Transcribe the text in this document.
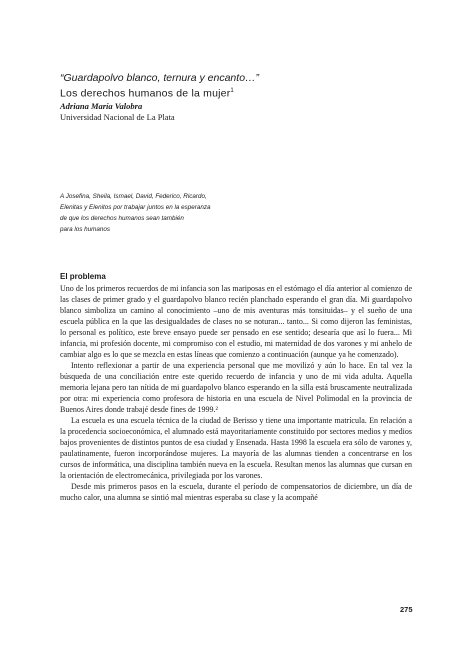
“Guardapolvo blanco, ternura y encanto…”
Los derechos humanos de la mujer$^1$
Adriana María Valobra
Universidad Nacional de La Plata
A Josefina, Sheila, Ismael, David, Federico, Ricardo,
Elenitas y Elenitos por trabajar juntos en la esperanza
de que los derechos humanos sean también
para los humanos
El problema

Uno de los primeros recuerdos de mi infancia son las mariposas en el estómago el día anterior al comienzo de las clases de primer grado y el guardapolvo blanco recién planchado esperando el gran día. Mi guardapolvo blanco simboliza un camino al conocimiento –uno de mis aventuras más tonsituidas– y el sueño de una escuela pública en la que las desigualdades de clases no se noturan... tanto... Si como dijeron las feministas, lo personal es político, este breve ensayo puede ser pensado en ese sentido; desearía que así lo fuera... Mi infancia, mi profesión docente, mi compromiso con el estudio, mi maternidad de dos varones y mi anhelo de cambiar algo es lo que se mezcla en estas líneas que comienzo a continuación (aunque ya he comenzado).

Intento reflexionar a partir de una experiencia personal que me movilizó y aún lo hace. En tal vez la búsqueda de una conciliación entre este querido recuerdo de infancia y uno de mi vida adulta. Aquella memoria lejana pero tan nítida de mi guardapolvo blanco esperando en la silla está bruscamente neutralizada por otra: mi experiencia como profesora de historia en una escuela de Nivel Polimodal en la provincia de Buenos Aires donde trabajé desde fines de 1999.²

La escuela es una escuela técnica de la ciudad de Berisso y tiene una importante matrícula. En relación a la procedencia socioeconómica, el alumnado está mayoritariamente constituido por sectores medios y medios bajos provenientes de distintos puntos de esa ciudad y Ensenada. Hasta 1998 la escuela era sólo de varones y, paulatinamente, fueron incorporándose mujeres. La mayoría de las alumnas tienden a concentrarse en los cursos de informática, una disciplina también nueva en la escuela. Resultan menos las alumnas que cursan en la orientación de electromecánica, privilegiada por los varones.

Desde mis primeros pasos en la escuela, durante el período de compensatorios de diciembre, un día de mucho calor, una alumna se sintió mal mientras esperaba su clase y la acompañé

275
